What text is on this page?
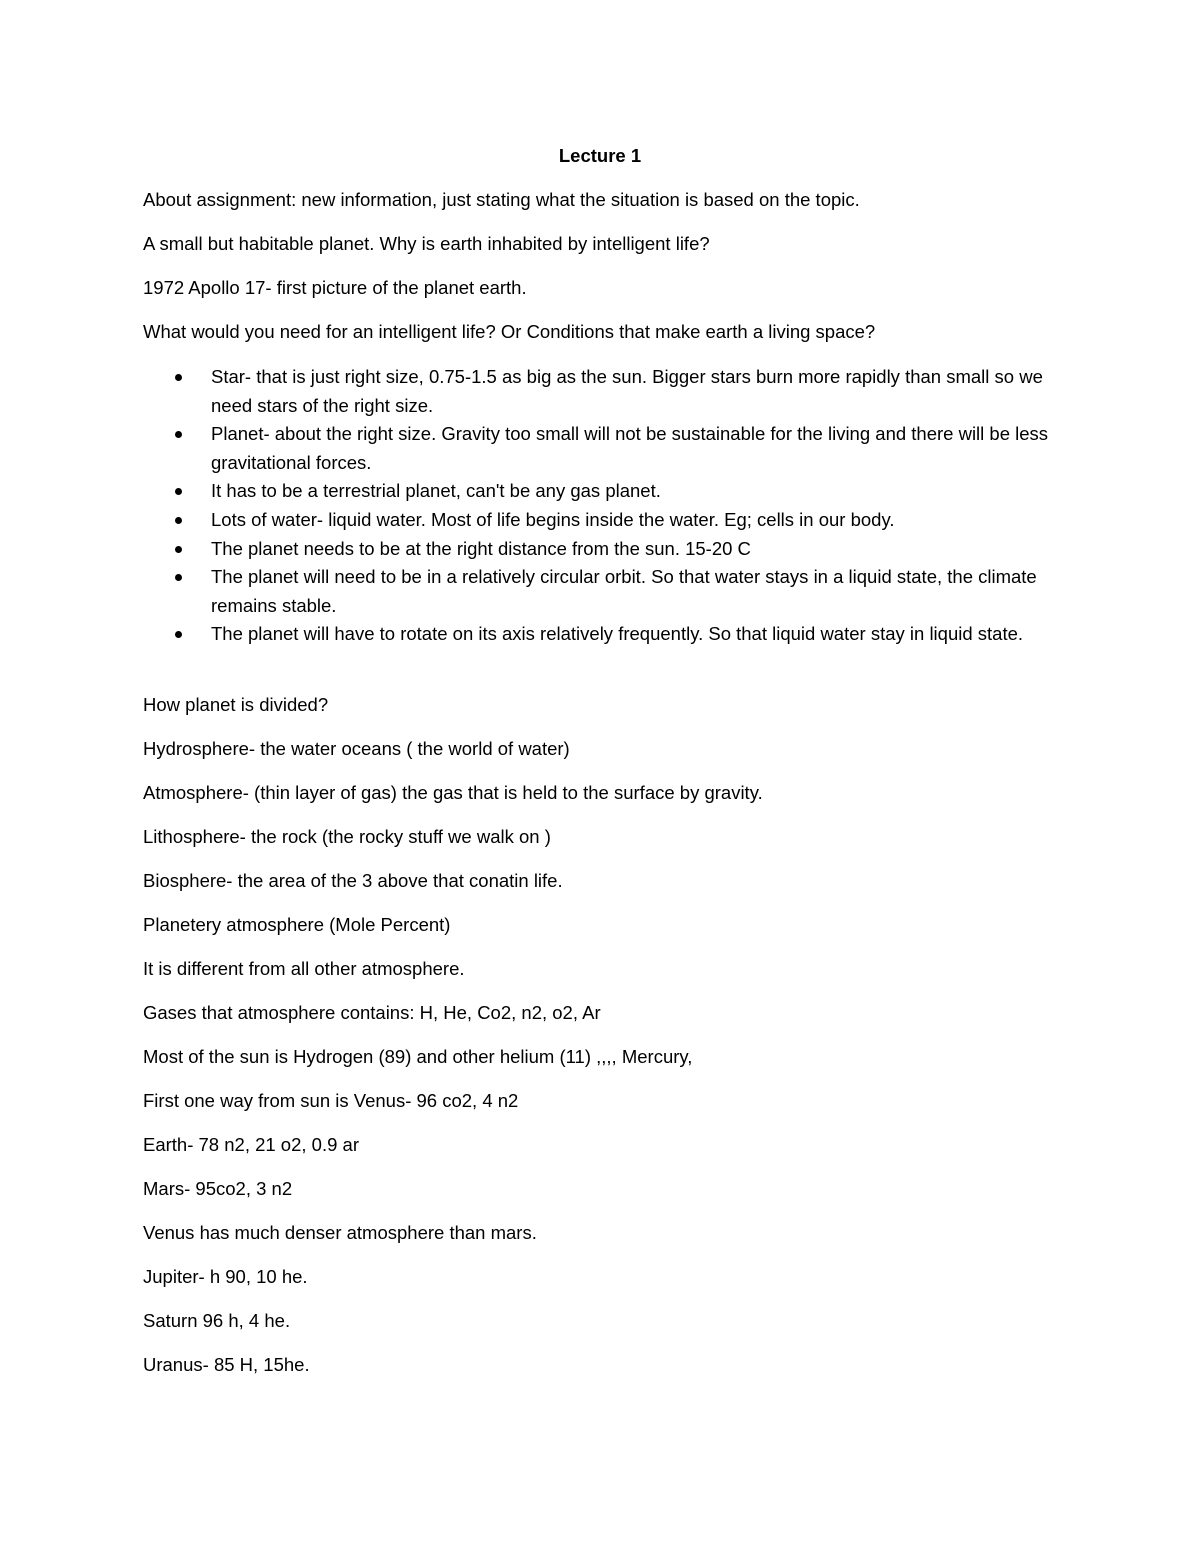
Lecture 1
About assignment: new information, just stating what the situation is based on the topic.
A small but habitable planet. Why is earth inhabited by intelligent life?
1972 Apollo 17- first picture of the planet earth.
What would you need for an intelligent life? Or Conditions that make earth a living space?
Star- that is just right size, 0.75-1.5 as big as the sun. Bigger stars burn more rapidly than small so we need stars of the right size.
Planet- about the right size. Gravity too small will not be sustainable for the living and there will be less gravitational forces.
It has to be a terrestrial planet, can't be any gas planet.
Lots of water- liquid water. Most of life begins inside the water. Eg; cells in our body.
The planet needs to be at the right distance from the sun. 15-20 C
The planet will need to be in a relatively circular orbit. So that water stays in a liquid state, the climate remains stable.
The planet will have to rotate on its axis relatively frequently. So that liquid water stay in liquid state.
How planet is divided?
Hydrosphere- the water oceans ( the world of water)
Atmosphere- (thin layer of gas) the gas that is held to the surface by gravity.
Lithosphere- the rock (the rocky stuff we walk on )
Biosphere- the area of the 3 above that conatin life.
Planetery atmosphere (Mole Percent)
It is different from all other atmosphere.
Gases that atmosphere contains: H, He, Co2, n2, o2, Ar
Most of the sun is Hydrogen (89) and other helium (11) ,,,, Mercury,
First one way from sun is Venus- 96 co2, 4 n2
Earth- 78 n2, 21 o2, 0.9 ar
Mars- 95co2, 3 n2
Venus has much denser atmosphere than mars.
Jupiter- h 90, 10 he.
Saturn 96 h, 4 he.
Uranus- 85 H, 15he.
